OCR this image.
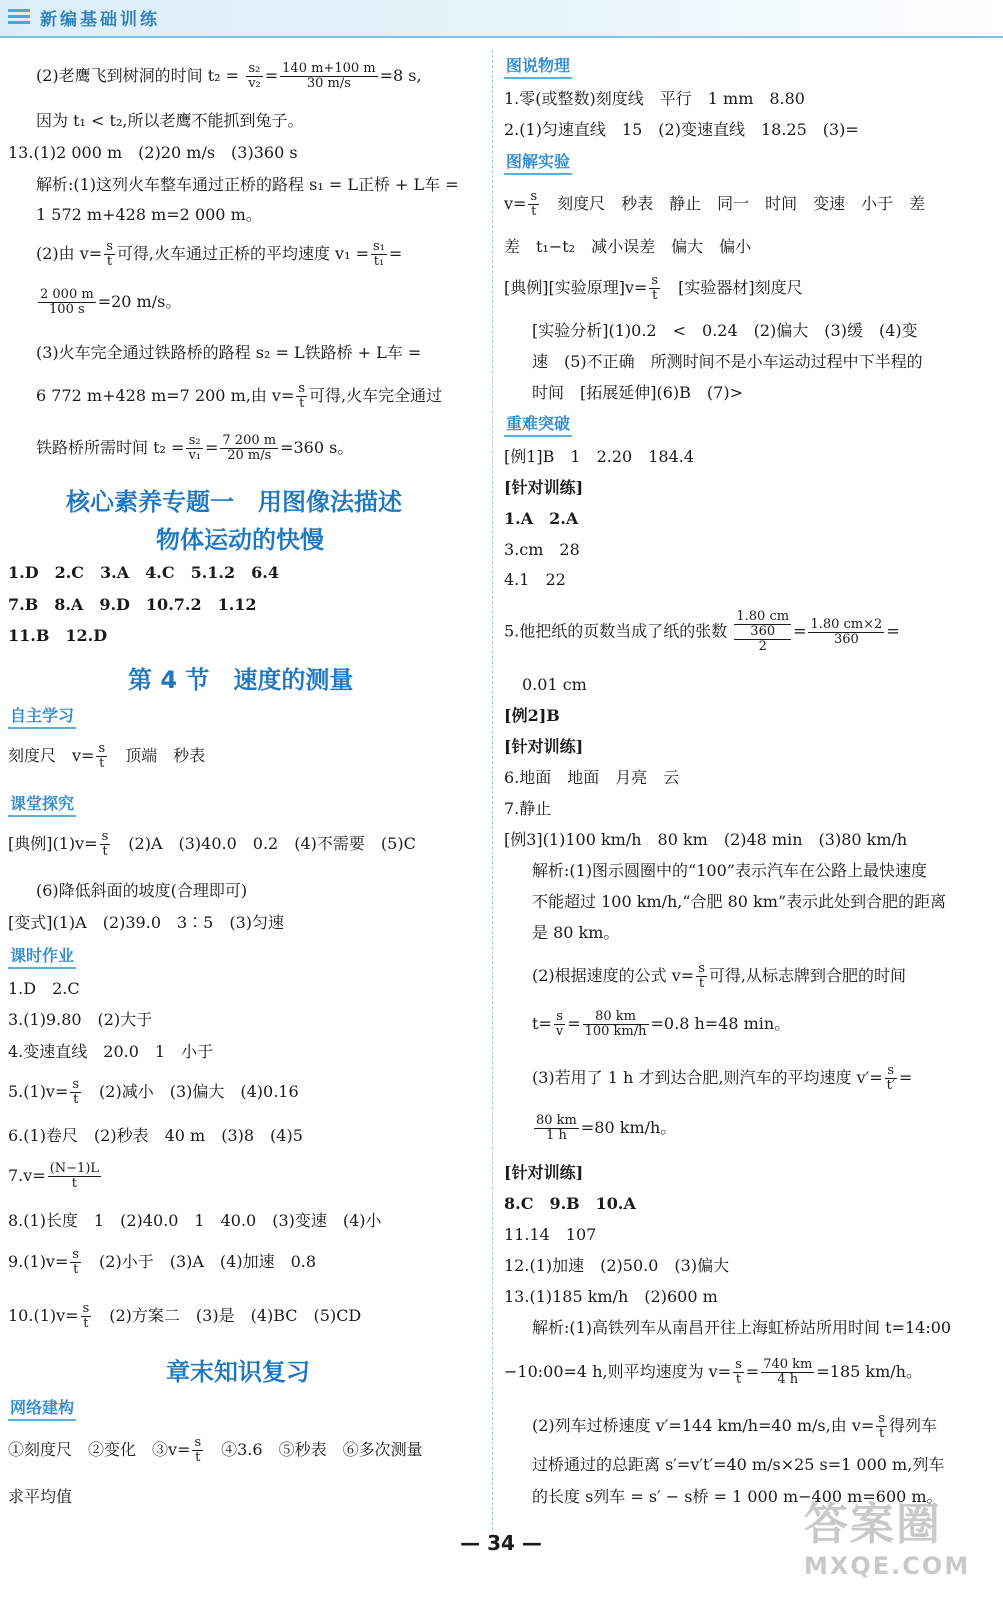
新编基础训练
(2)老鹰飞到树洞的时间 $t_2 = \frac{\text{s₂}}{\text{v₂}} = \frac{140 m+100 m}{30 m/s} =8$ s,
因为 t₁ < t₂,所以老鹰不能抓到兔子。
13.(1)2 000 m　(2)20 m/s　(3)360 s
解析:(1)这列火车整车通过正桥的路程 s₁ = L正桥 + L车 =
1 572 m+428 m=2 000 m。
(2)由 $v= \frac{s}{t}$ 可得,火车通过正桥的平均速度 $v_1 = \frac{\text{s₁}}{\text{t₁}}$ =
$\frac{2 000 m}{100 s} =20$ m/s。
(3)火车完全通过铁路桥的路程 s₂ = L铁路桥 + L车 =
6 772 m+428 m=7 200 m,由 $v= \frac{s}{t}$ 可得,火车完全通过
铁路桥所需时间 $t_2 = \frac{\text{s₂}}{\text{v₁}} = \frac{7 200 m}{20 m/s} =360$ s。
核心素养专题一　用图像法描述
物体运动的快慢
1.D　2.C　3.A　4.C　5.1.2　6.4
7.B　8.A　9.D　10.7.2　1.12
11.B　12.D
第 4 节　速度的测量
自主学习
刻度尺　$v= \frac{s}{t}$ 　顶端　秒表
课堂探究
[典例]$(1)v= \frac{s}{t}$ 　(2)A　(3)40.0　0.2　(4)不需要　(5)C
(6)降低斜面的坡度(合理即可)
[变式](1)A　(2)39.0　3∶5　(3)匀速
课时作业
1.D　2.C
3.(1)9.80　(2)大于
4.变速直线　20.0　1　小于
$5.(1)v= \frac{s}{t}$ 　(2)减小　(3)偏大　(4)0.16
6.(1)卷尺　(2)秒表　40 m　(3)8　(4)5
$7.v= \frac{(N-1)L}{t}$
8.(1)长度　1　(2)40.0　1　40.0　(3)变速　(4)小
$9.(1)v= \frac{s}{t}$ 　(2)小于　(3)A　(4)加速　0.8
$10.(1)v= \frac{s}{t}$ 　(2)方案二　(3)是　(4)BC　(5)CD
章末知识复习
网络建构
①刻度尺　②变化　③v= $\frac{s}{t}$ 　④3.6　⑤秒表　⑥多次测量
求平均值
图说物理
1.零(或整数)刻度线　平行　1 mm　8.80
2.(1)匀速直线　15　(2)变速直线　18.25　(3)=
图解实验
$v= \frac{s}{t}$ 　刻度尺　秒表　静止　同一　时间　变速　小于　差
差　t₁−t₂　减小误差　偏大　偏小
[典例][实验原理]$v= \frac{s}{t}$ 　[实验器材]刻度尺
[实验分析](1)0.2　<　0.24　(2)偏大　(3)缓　(4)变
速　(5)不正确　所测时间不是小车运动过程中下半程的
时间　[拓展延伸](6)B　(7)>
重难突破
[例1]B　1　2.20　184.4
[针对训练]
1.A　2.A
3.cm　28
4.1　22
5.他把纸的页数当成了纸的张数
1.80 cm
360
2
= $\frac{1.80 cm\times 2}{360}$ =
0.01 cm
[例2]B
[针对训练]
6.地面　地面　月亮　云
7.静止
[例3](1)100 km/h　80 km　(2)48 min　(3)80 km/h
解析:(1)图示圆圈中的“100”表示汽车在公路上最快速度
不能超过 100 km/h,“合肥 80 km”表示此处到合肥的距离
是 80 km。
(2)根据速度的公式 $v= \frac{s}{t}$ 可得,从标志牌到合肥的时间
$t= \frac{s}{v} = \frac{80 km}{100 km/h} =0.8$ h=48 min。
(3)若用了 1 h 才到达合肥,则汽车的平均速度 $v'= \frac{s}{t'}$ =
$\frac{80 km}{1 h} =80$ km/h。
[针对训练]
8.C　9.B　10.A
11.14　107
12.(1)加速　(2)50.0　(3)偏大
13.(1)185 km/h　(2)600 m
解析:(1)高铁列车从南昌开往上海虹桥站所用时间 t=14:00
−10:00=4 h,则平均速度为 $v= \frac{s}{t} = \frac{740 km}{4 h} =185$ km/h。
(2)列车过桥速度 v′=144 km/h=40 m/s,由 $v= \frac{s}{t}$ 得列车
过桥通过的总距离 s′=v′t′=40 m/s×25 s=1 000 m,列车
的长度 s列车 = s′ − s桥 = 1 000 m−400 m=600 m。
— 34 —	答案圈
MXQE.COM
